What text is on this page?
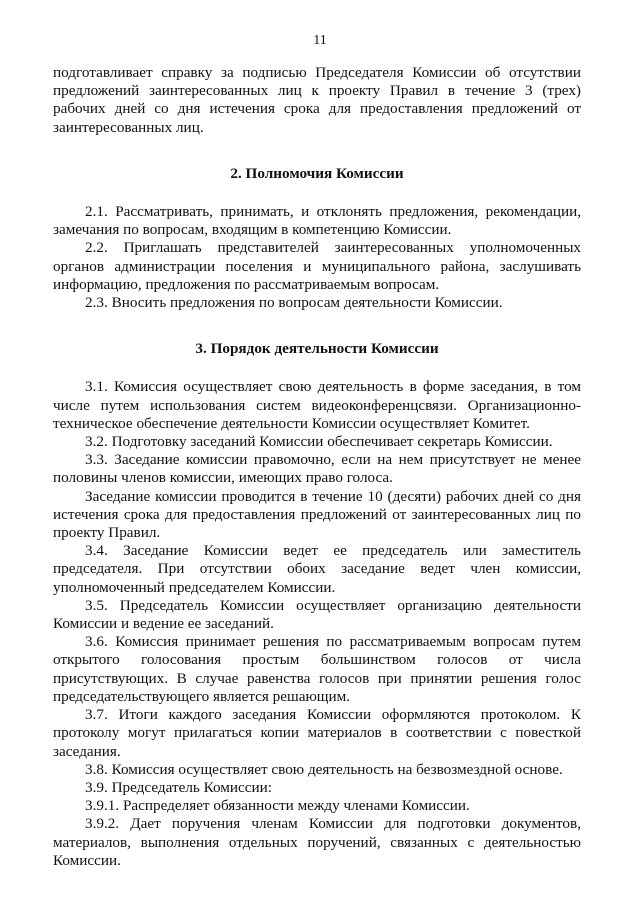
11

подготавливает справку за подписью Председателя Комиссии об отсутствии предложений заинтересованных лиц к проекту Правил в течение 3 (трех) рабочих дней со дня истечения срока для предоставления предложений от заинтересованных лиц.

2. Полномочия Комиссии

2.1. Рассматривать, принимать, и отклонять предложения, рекомендации, замечания по вопросам, входящим в компетенцию Комиссии.

2.2. Приглашать представителей заинтересованных уполномоченных органов администрации поселения и муниципального района, заслушивать информацию, предложения по рассматриваемым вопросам.

2.3. Вносить предложения по вопросам деятельности Комиссии.

3. Порядок деятельности Комиссии

3.1. Комиссия осуществляет свою деятельность в форме заседания, в том числе путем использования систем видеоконференцсвязи. Организационно-техническое обеспечение деятельности Комиссии осуществляет Комитет.

3.2. Подготовку заседаний Комиссии обеспечивает секретарь Комиссии.

3.3. Заседание комиссии правомочно, если на нем присутствует не менее половины членов комиссии, имеющих право голоса.

Заседание комиссии проводится в течение 10 (десяти) рабочих дней со дня истечения срока для предоставления предложений от заинтересованных лиц по проекту Правил.

3.4. Заседание Комиссии ведет ее председатель или заместитель председателя. При отсутствии обоих заседание ведет член комиссии, уполномоченный председателем Комиссии.

3.5. Председатель Комиссии осуществляет организацию деятельности Комиссии и ведение ее заседаний.

3.6. Комиссия принимает решения по рассматриваемым вопросам путем открытого голосования простым большинством голосов от числа присутствующих. В случае равенства голосов при принятии решения голос председательствующего является решающим.

3.7. Итоги каждого заседания Комиссии оформляются протоколом. К протоколу могут прилагаться копии материалов в соответствии с повесткой заседания.

3.8. Комиссия осуществляет свою деятельность на безвозмездной основе.

3.9. Председатель Комиссии:

3.9.1. Распределяет обязанности между членами Комиссии.

3.9.2. Дает поручения членам Комиссии для подготовки документов, материалов, выполнения отдельных поручений, связанных с деятельностью Комиссии.
